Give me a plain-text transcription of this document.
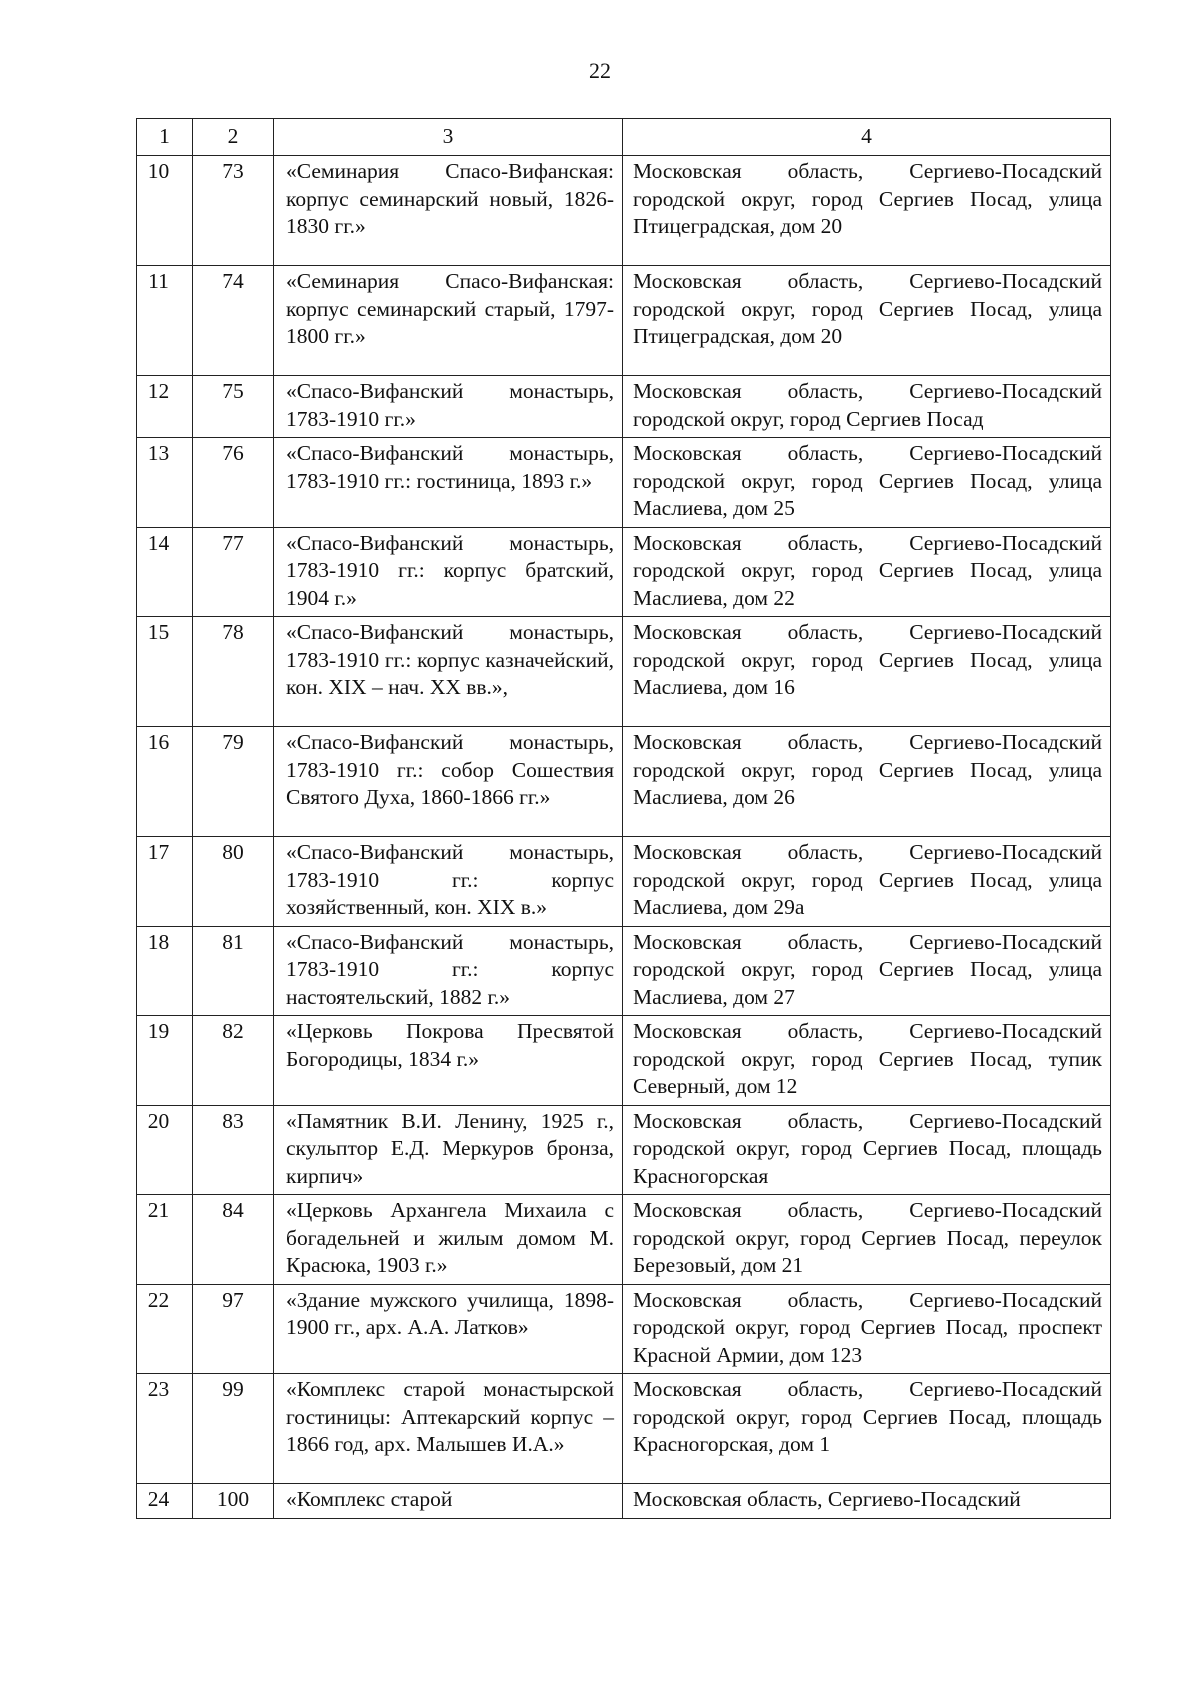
22
1	2	3	4
10	73	«Семинария Спасо-Вифанская: корпус семинарский новый, 1826-1830 гг.»	Московская область, Сергиево-Посадский городской округ, город Сергиев Посад, улица Птицеградская, дом 20
11	74	«Семинария Спасо-Вифанская: корпус семинарский старый, 1797-1800 гг.»	Московская область, Сергиево-Посадский городской округ, город Сергиев Посад, улица Птицеградская, дом 20
12	75	«Спасо-Вифанский монастырь, 1783-1910 гг.»	Московская область, Сергиево-Посадский городской округ, город Сергиев Посад
13	76	«Спасо-Вифанский монастырь, 1783-1910 гг.: гостиница, 1893 г.»	Московская область, Сергиево-Посадский городской округ, город Сергиев Посад, улица Маслиева, дом 25
14	77	«Спасо-Вифанский монастырь, 1783-1910 гг.: корпус братский, 1904 г.»	Московская область, Сергиево-Посадский городской округ, город Сергиев Посад, улица Маслиева, дом 22
15	78	«Спасо-Вифанский монастырь, 1783-1910 гг.: корпус казначейский, кон. XIX – нач. XX вв.»,	Московская область, Сергиево-Посадский городской округ, город Сергиев Посад, улица Маслиева, дом 16
16	79	«Спасо-Вифанский монастырь, 1783-1910 гг.: собор Сошествия Святого Духа, 1860-1866 гг.»	Московская область, Сергиево-Посадский городской округ, город Сергиев Посад, улица Маслиева, дом 26
17	80	«Спасо-Вифанский монастырь, 1783-1910 гг.: корпус хозяйственный, кон. XIX в.»	Московская область, Сергиево-Посадский городской округ, город Сергиев Посад, улица Маслиева, дом 29а
18	81	«Спасо-Вифанский монастырь, 1783-1910 гг.: корпус настоятельский, 1882 г.»	Московская область, Сергиево-Посадский городской округ, город Сергиев Посад, улица Маслиева, дом 27
19	82	«Церковь Покрова Пресвятой Богородицы, 1834 г.»	Московская область, Сергиево-Посадский городской округ, город Сергиев Посад, тупик Северный, дом 12
20	83	«Памятник В.И. Ленину, 1925 г., скульптор Е.Д. Меркуров бронза, кирпич»	Московская область, Сергиево-Посадский городской округ, город Сергиев Посад, площадь Красногорская
21	84	«Церковь Архангела Михаила с богадельней и жилым домом М. Красюка, 1903 г.»	Московская область, Сергиево-Посадский городской округ, город Сергиев Посад, переулок Березовый, дом 21
22	97	«Здание мужского училища, 1898-1900 гг., арх. А.А. Латков»	Московская область, Сергиево-Посадский городской округ, город Сергиев Посад, проспект Красной Армии, дом 123
23	99	«Комплекс старой монастырской гостиницы: Аптекарский корпус – 1866 год, арх. Малышев И.А.»	Московская область, Сергиево-Посадский городской округ, город Сергиев Посад, площадь Красногорская, дом 1
24	100	«Комплекс старой	Московская область, Сергиево-Посадский
